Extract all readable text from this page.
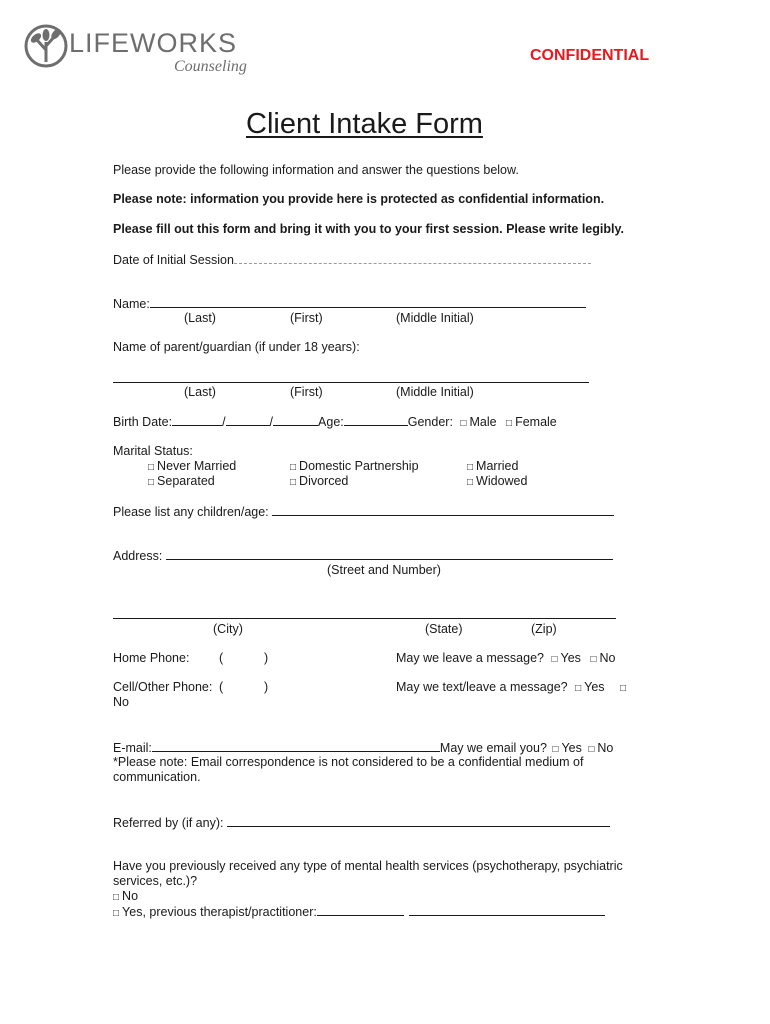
LIFEWORKS
Counseling
CONFIDENTIAL
Client Intake Form
Please provide the following information and answer the questions below.
Please note: information you provide here is protected as confidential information.
Please fill out this form and bring it with you to your first session. Please write legibly.
Date of Initial Session
Name:
(Last)	(First)	(Middle Initial)
Name of parent/guardian (if under 18 years):
(Last)	(First)	(Middle Initial)
Birth Date:	/	/	Age:	Gender: □ Male □ Female
Marital Status:
□ Never Married	□ Domestic Partnership	□ Married
□ Separated	□ Divorced	□ Widowed
Please list any children/age:
Address:
(Street and Number)
(City)	(State)	(Zip)
Home Phone: (	)	May we leave a message? □ Yes □ No
Cell/Other Phone: (	)	May we text/leave a message? □ Yes □
No
E-mail:	May we email you? □ Yes □ No
*Please note: Email correspondence is not considered to be a confidential medium of
communication.
Referred by (if any):
Have you previously received any type of mental health services (psychotherapy, psychiatric
services, etc.)?
□ No
□ Yes, previous therapist/practitioner:
